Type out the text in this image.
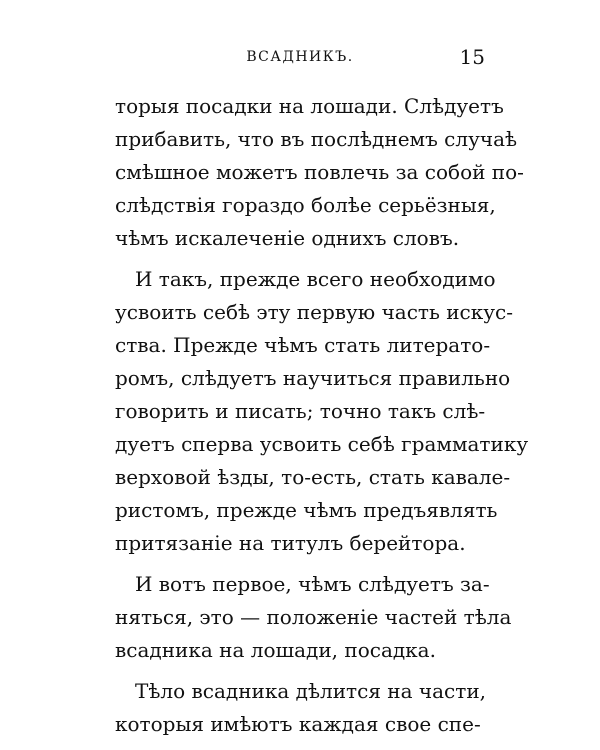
ВСАДНИКЪ.	15
торыя посадки на лошади. Слѣдуетъ
прибавить, что въ послѣднемъ случаѣ
смѣшное можетъ повлечь за собой по-
слѣдствія гораздо болѣе серьёзныя,
чѣмъ искалеченіе однихъ словъ.
И такъ, прежде всего необходимо
усвоить себѣ эту первую часть искус-
ства. Прежде чѣмъ стать литерато-
ромъ, слѣдуетъ научиться правильно
говорить и писать; точно такъ слѣ-
дуетъ сперва усвоить себѣ грамматику
верховой ѣзды, то-есть, стать кавале-
ристомъ, прежде чѣмъ предъявлять
притязаніе на титулъ берейтора.
И вотъ первое, чѣмъ слѣдуетъ за-
няться, это — положеніе частей тѣла
всадника на лошади, посадка.
Тѣло всадника дѣлится на части,
которыя имѣютъ каждая свое спе-
